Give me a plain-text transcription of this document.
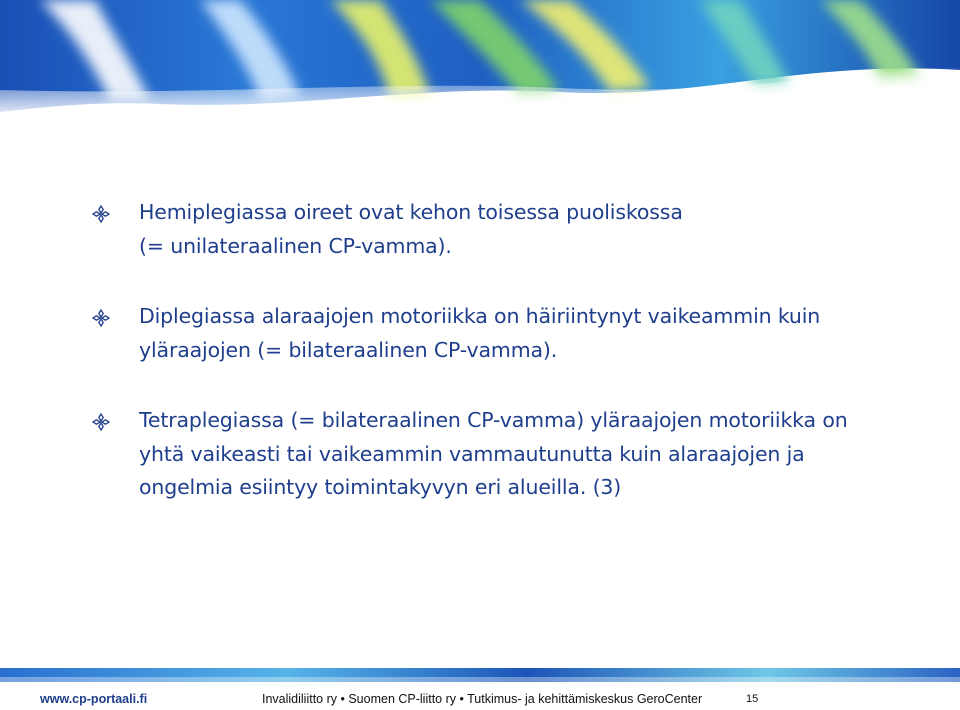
Hemiplegiassa oireet ovat kehon toisessa puoliskossa
(= unilateraalinen CP-vamma).
Diplegiassa alaraajojen motoriikka on häiriintynyt vaikeammin kuin
yläraajojen (= bilateraalinen CP-vamma).
Tetraplegiassa (= bilateraalinen CP-vamma) yläraajojen motoriikka on
yhtä vaikeasti tai vaikeammin vammautunutta kuin alaraajojen ja
ongelmia esiintyy toimintakyvyn eri alueilla. (3)
www.cp-portaali.fi	Invalidiliitto ry • Suomen CP-liitto ry • Tutkimus- ja kehittämiskeskus GeroCenter	15
